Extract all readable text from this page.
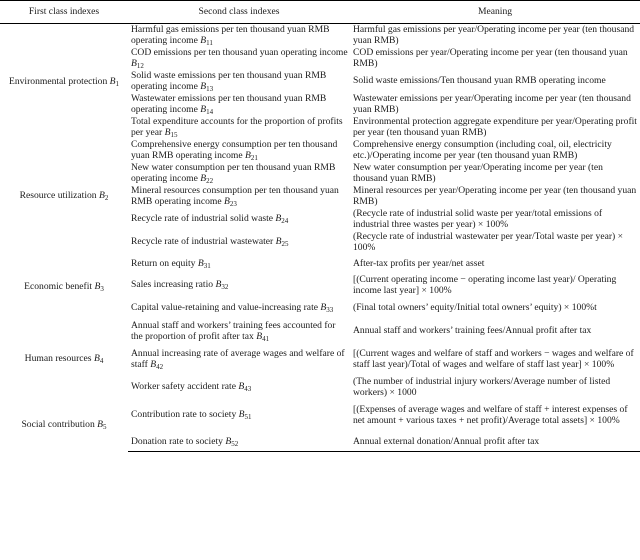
First class indexes	Second class indexes	Meaning
Environmental protection $B_1$	Harmful gas emissions per ten thousand yuan RMB operating income $B_{11}$	Harmful gas emissions per year/Operating income per year (ten thousand yuan RMB)
	COD emissions per ten thousand yuan operating income $B_{12}$	COD emissions per year/Operating income per year (ten thousand yuan RMB)
	Solid waste emissions per ten thousand yuan RMB operating income $B_{13}$	Solid waste emissions/Ten thousand yuan RMB operating income
	Wastewater emissions per ten thousand yuan RMB operating income $B_{14}$	Wastewater emissions per year/Operating income per year (ten thousand yuan RMB)
	Total expenditure accounts for the proportion of profits per year $B_{15}$	Environmental protection aggregate expenditure per year/Operating profit per year (ten thousand yuan RMB)
Resource utilization $B_2$	Comprehensive energy consumption per ten thousand yuan RMB operating income $B_{21}$	Comprehensive energy consumption (including coal, oil, electricity etc.)/Operating income per year (ten thousand yuan RMB)
	New water consumption per ten thousand yuan RMB operating income $B_{22}$	New water consumption per year/Operating income per year (ten thousand yuan RMB)
	Mineral resources consumption per ten thousand yuan RMB operating income $B_{23}$	Mineral resources per year/Operating income per year (ten thousand yuan RMB)
	Recycle rate of industrial solid waste $B_{24}$	(Recycle rate of industrial solid waste per year/total emissions of industrial three wastes per year) × 100%
	Recycle rate of industrial wastewater $B_{25}$	(Recycle rate of industrial wastewater per year/Total waste per year) × 100%
Economic benefit $B_3$	Return on equity $B_{31}$	After-tax profits per year/net asset
	Sales increasing ratio $B_{32}$	[(Current operating income − operating income last year)/ Operating income last year] × 100%
	Capital value-retaining and value-increasing rate $B_{33}$	(Final total owners’ equity/Initial total owners’ equity) × 100%t
Human resources $B_4$	Annual staff and workers’ training fees accounted for the proportion of profit after tax $B_{41}$	Annual staff and workers’ training fees/Annual profit after tax
	Annual increasing rate of average wages and welfare of staff $B_{42}$	[(Current wages and welfare of staff and workers − wages and welfare of staff last year)/Total of wages and welfare of staff last year] × 100%
	Worker safety accident rate $B_{43}$	(The number of industrial injury workers/Average number of listed workers) × 1000
Social contribution $B_5$	Contribution rate to society $B_{51}$	[(Expenses of average wages and welfare of staff + interest expenses of net amount + various taxes + net profit)/Average total assets] × 100%
	Donation rate to society $B_{52}$	Annual external donation/Annual profit after tax
